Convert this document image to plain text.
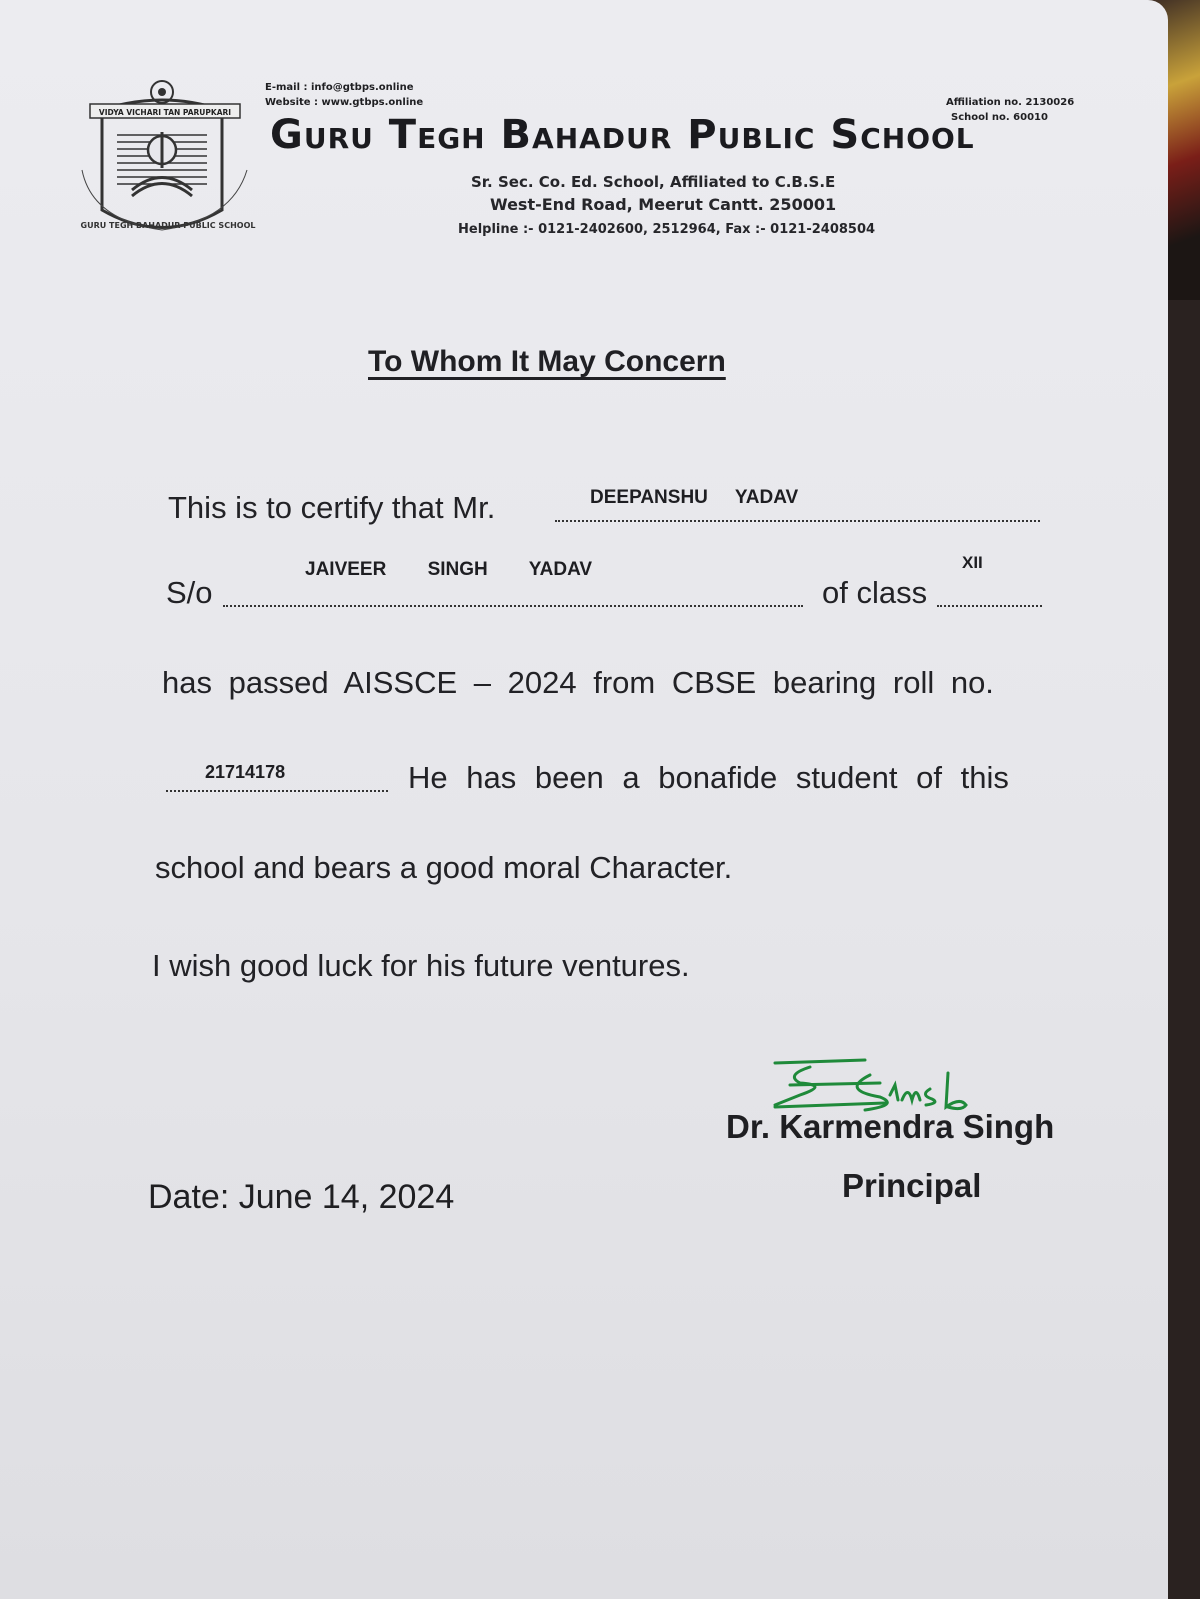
VIDYA VICHARI TAN PARUPKARI
GURU TEGH BAHADUR PUBLIC SCHOOL
E-mail : info@gtbps.online
Website : www.gtbps.online	Affiliation no. 2130026
School no. 60010
Guru Tegh Bahadur Public School
Sr. Sec. Co. Ed. School, Affiliated to C.B.S.E
West-End Road, Meerut Cantt. 250001
Helpline :- 0121-2402600, 2512964, Fax :- 0121-2408504
To Whom It May Concern
This is to certify that Mr.	DEEPANSHU YADAV
S/o
JAIVEER SINGH YADAV
of class
XII
has passed AISSCE – 2024 from CBSE bearing roll no.
21714178	He has been a bonafide student of this
school and bears a good moral Character.
I wish good luck for his future ventures.
Dr. Karmendra Singh
Principal
Date: June 14, 2024
